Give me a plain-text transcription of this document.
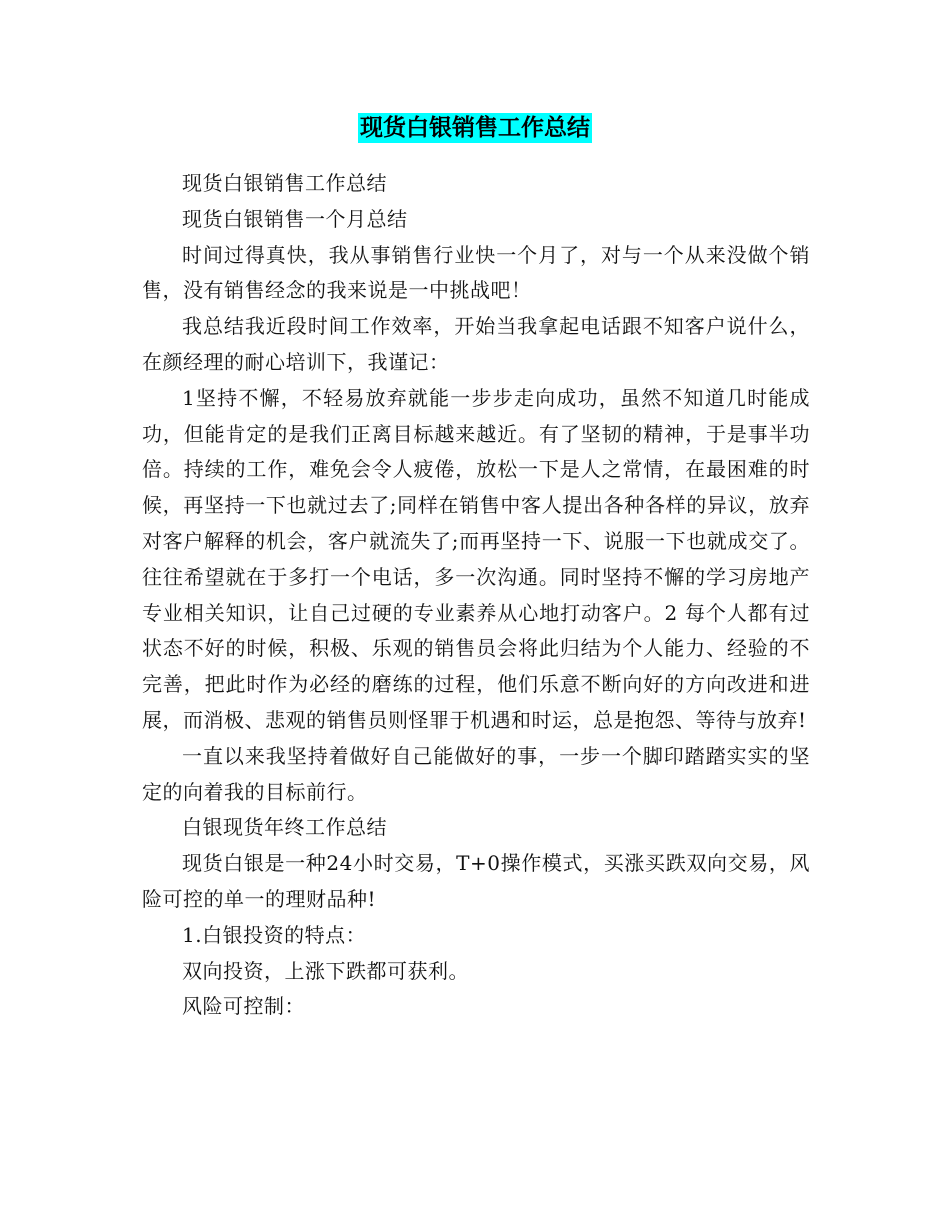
现货白银销售工作总结

现货白银销售工作总结

现货白银销售一个月总结

时间过得真快，我从事销售行业快一个月了，对与一个从来没做个销售，没有销售经念的我来说是一中挑战吧！

我总结我近段时间工作效率，开始当我拿起电话跟不知客户说什么，在颜经理的耐心培训下，我谨记：

1坚持不懈，不轻易放弃就能一步步走向成功，虽然不知道几时能成功，但能肯定的是我们正离目标越来越近。有了坚韧的精神，于是事半功倍。持续的工作，难免会令人疲倦，放松一下是人之常情，在最困难的时候，再坚持一下也就过去了;同样在销售中客人提出各种各样的异议，放弃对客户解释的机会，客户就流失了;而再坚持一下、说服一下也就成交了。往往希望就在于多打一个电话，多一次沟通。同时坚持不懈的学习房地产专业相关知识，让自己过硬的专业素养从心地打动客户。2 每个人都有过状态不好的时候，积极、乐观的销售员会将此归结为个人能力、经验的不完善，把此时作为必经的磨练的过程，他们乐意不断向好的方向改进和进展，而消极、悲观的销售员则怪罪于机遇和时运，总是抱怨、等待与放弃!

一直以来我坚持着做好自己能做好的事，一步一个脚印踏踏实实的坚定的向着我的目标前行。

白银现货年终工作总结

现货白银是一种24小时交易，T+0操作模式，买涨买跌双向交易，风险可控的单一的理财品种!

1.白银投资的特点：

双向投资，上涨下跌都可获利。

风险可控制：
